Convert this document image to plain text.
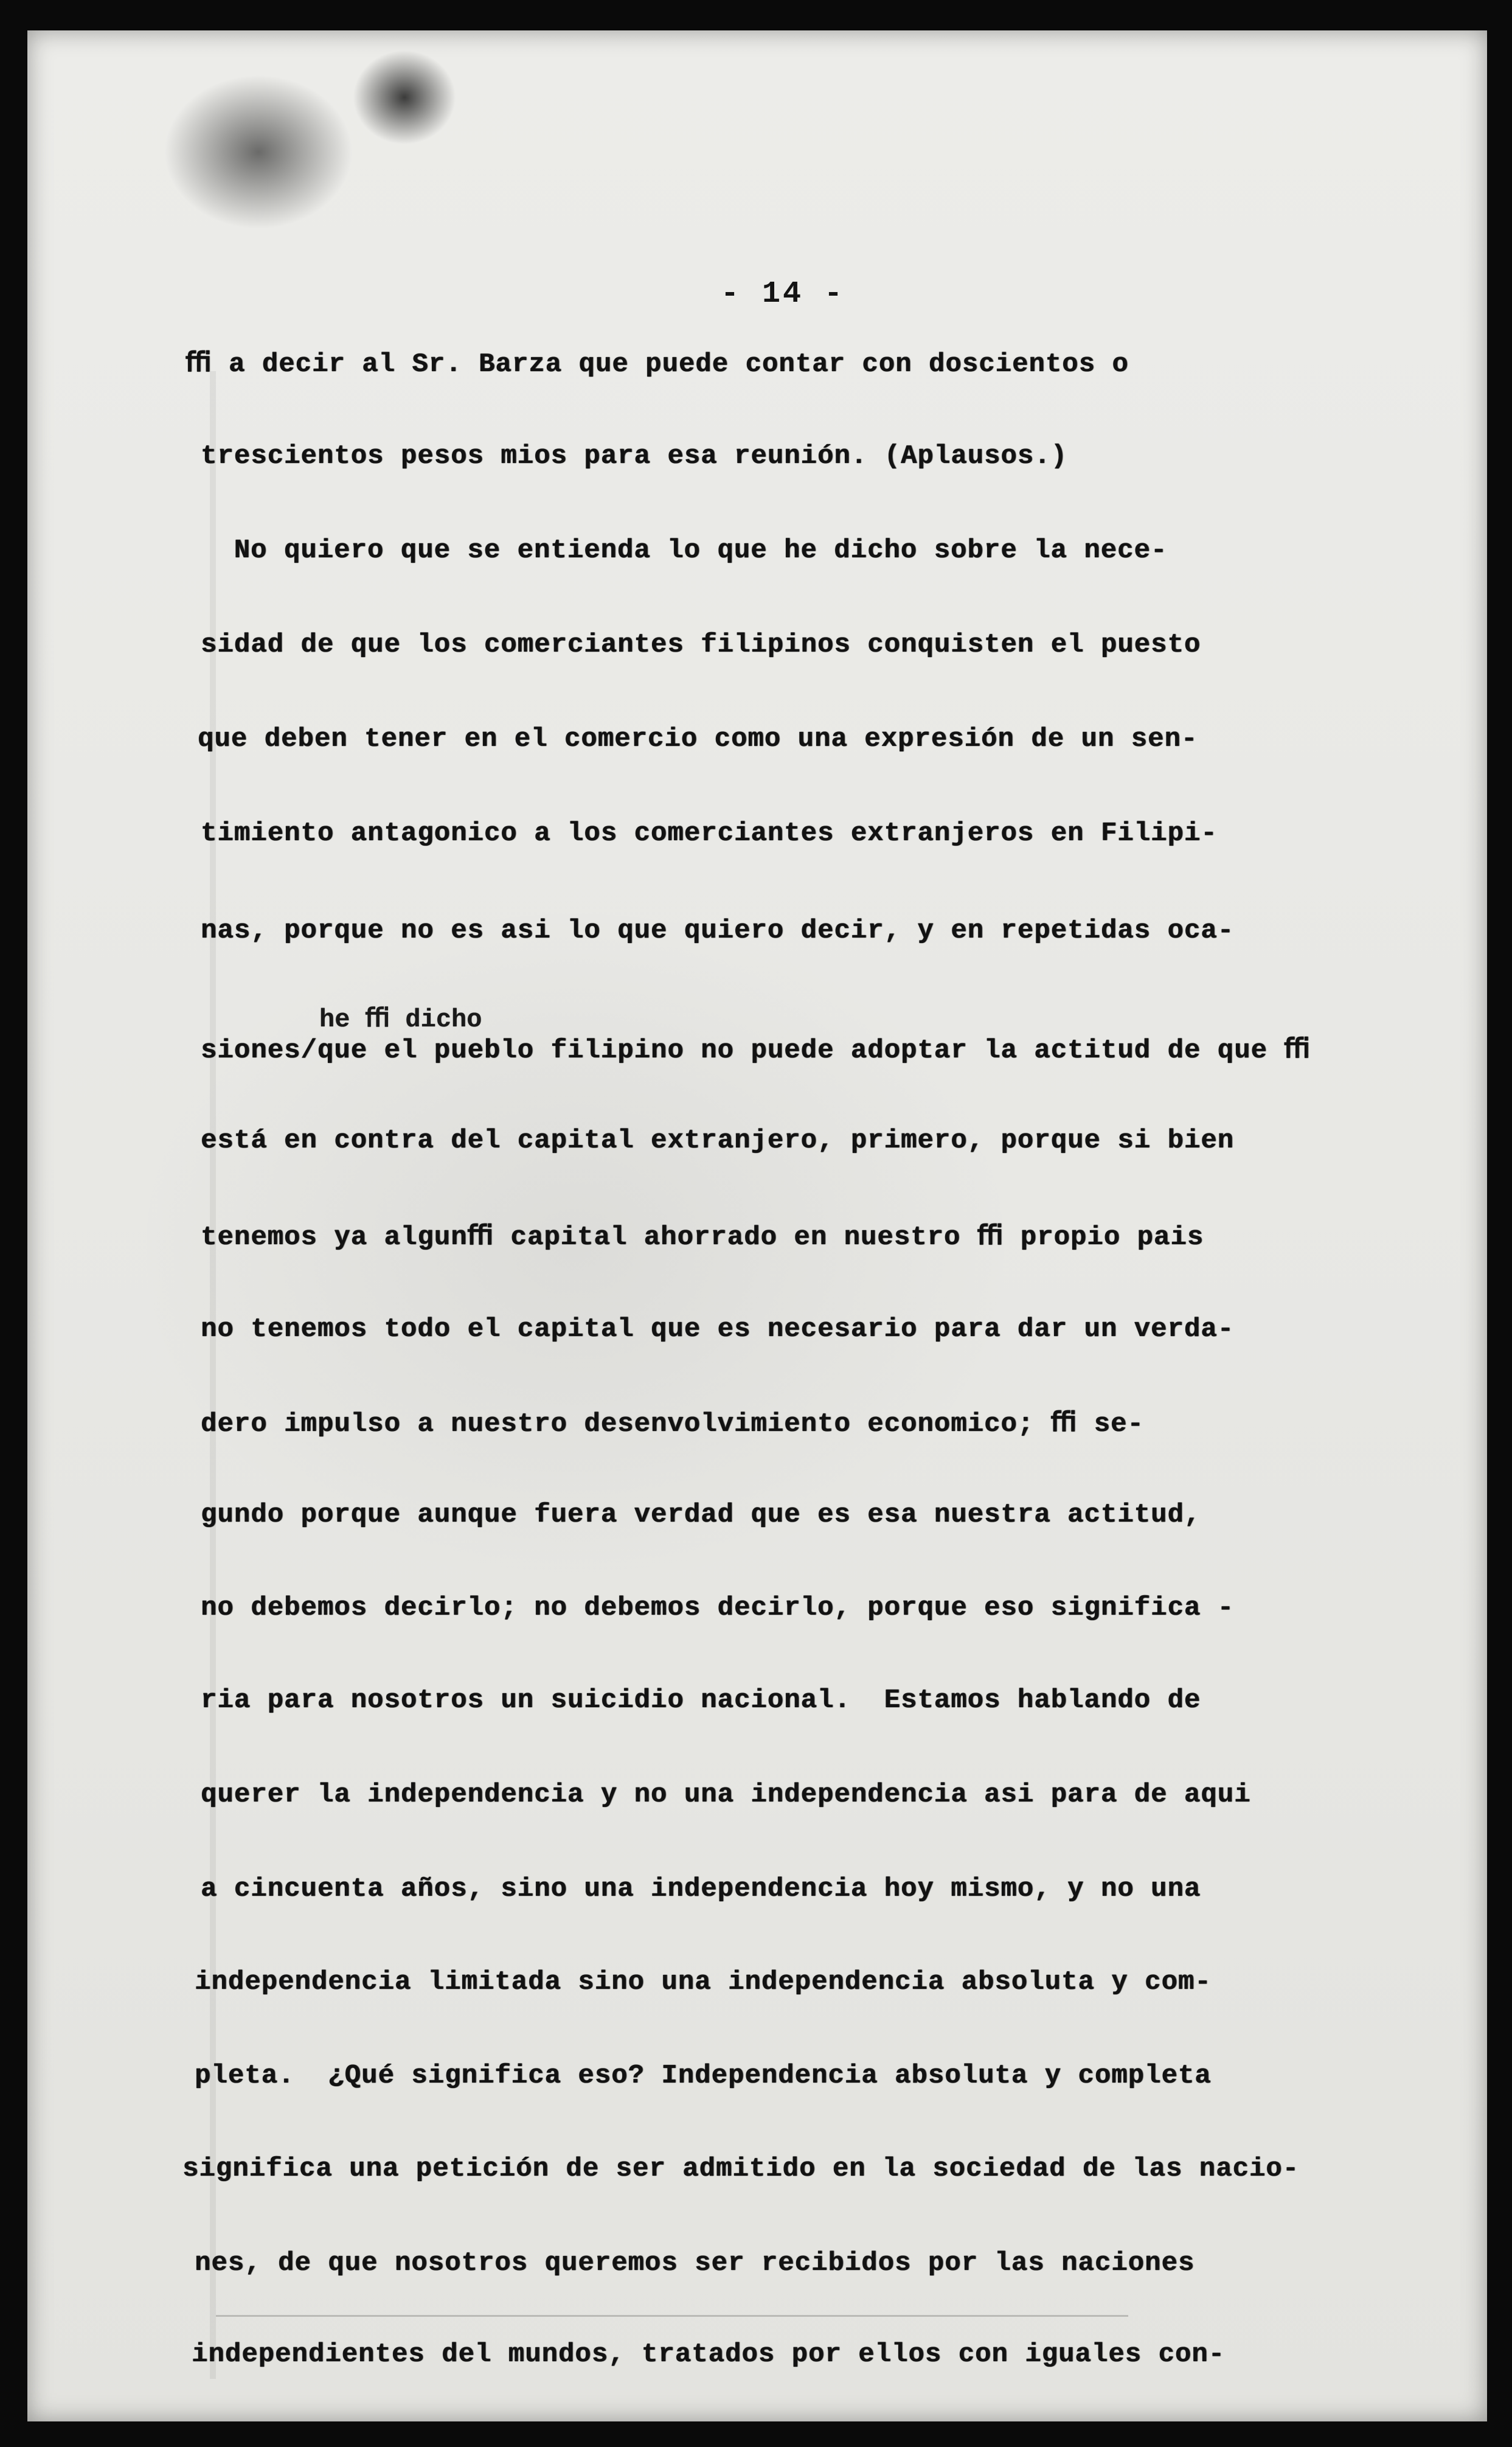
- 14 -
he ﬃ dicho
ﬃ a decir al Sr. Barza que puede contar con doscientos o
trescientos pesos mios para esa reunión. (Aplausos.)
No quiero que se entienda lo que he dicho sobre la nece-
sidad de que los comerciantes filipinos conquisten el puesto
que deben tener en el comercio como una expresión de un sen-
timiento antagonico a los comerciantes extranjeros en Filipi-
nas, porque no es asi lo que quiero decir, y en repetidas oca-
siones/que el pueblo filipino no puede adoptar la actitud de que ﬃ
está en contra del capital extranjero, primero, porque si bien
tenemos ya algunﬃ capital ahorrado en nuestro ﬃ propio pais
no tenemos todo el capital que es necesario para dar un verda-
dero impulso a nuestro desenvolvimiento economico; ﬃ se-
gundo porque aunque fuera verdad que es esa nuestra actitud,
no debemos decirlo; no debemos decirlo, porque eso significa -
ria para nosotros un suicidio nacional.  Estamos hablando de
querer la independencia y no una independencia asi para de aqui
a cincuenta años, sino una independencia hoy mismo, y no una
independencia limitada sino una independencia absoluta y com-
pleta.  ¿Qué significa eso? Independencia absoluta y completa
significa una petición de ser admitido en la sociedad de las nacio-
nes, de que nosotros queremos ser recibidos por las naciones
independientes del mundos, tratados por ellos con iguales con-
